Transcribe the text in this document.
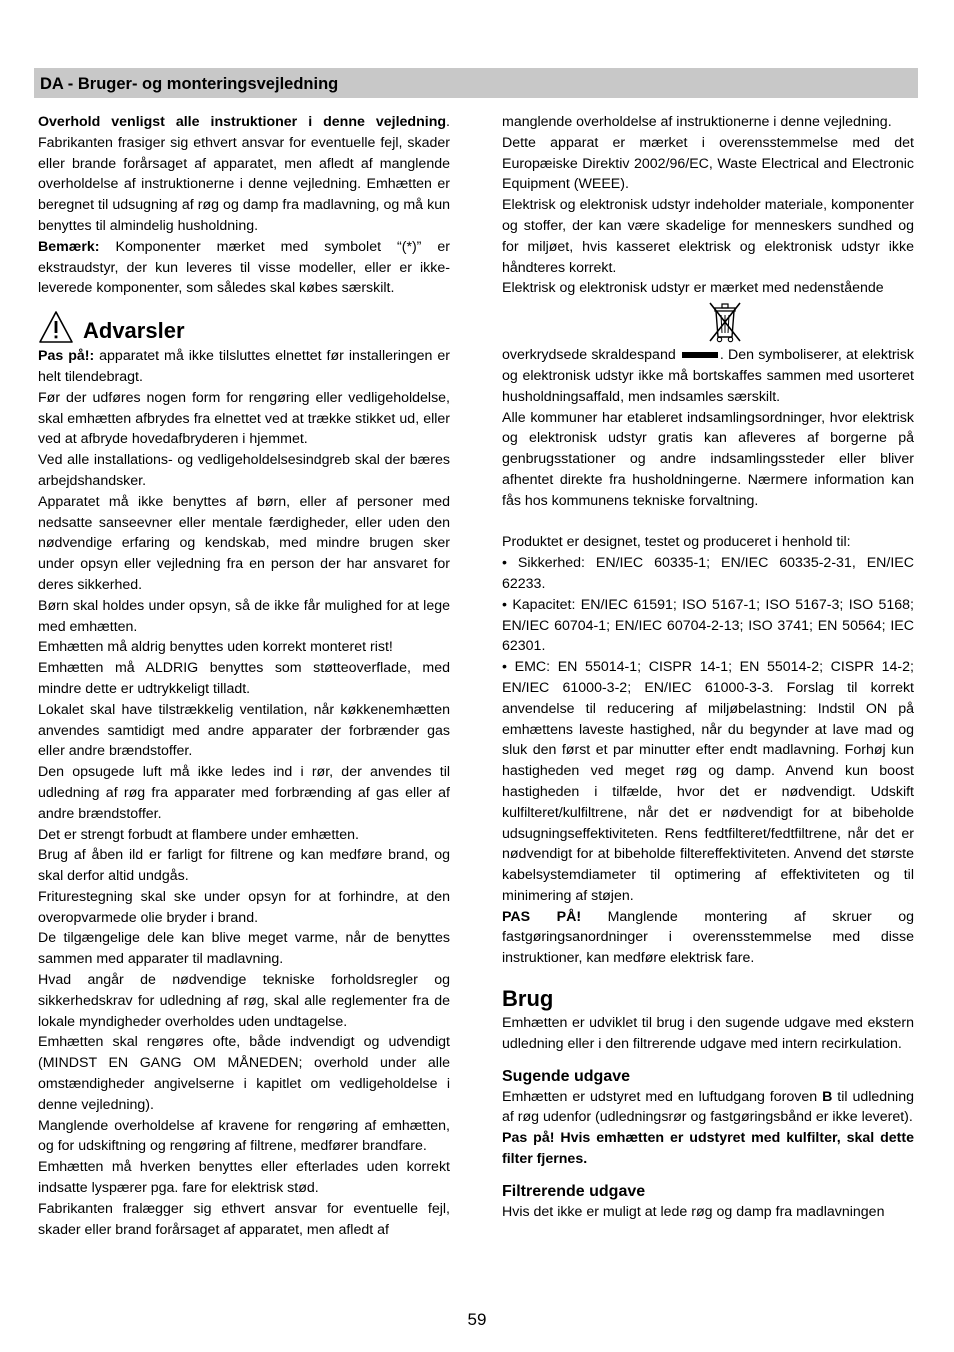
DA - Bruger- og monteringsvejledning

Overhold venligst alle instruktioner i denne vejledning. Fabrikanten frasiger sig ethvert ansvar for eventuelle fejl, skader eller brande forårsaget af apparatet, men afledt af manglende overholdelse af instruktionerne i denne vejledning. Emhætten er beregnet til udsugning af røg og damp fra madlavning, og må kun benyttes til almindelig husholdning.

Bemærk: Komponenter mærket med symbolet “(*)” er ekstraudstyr, der kun leveres til visse modeller, eller er ikke-leverede komponenter, som således skal købes særskilt.

Advarsler

Pas på!: apparatet må ikke tilsluttes elnettet før installeringen er helt tilendebragt.

Før der udføres nogen form for rengøring eller vedligeholdelse, skal emhætten afbrydes fra elnettet ved at trække stikket ud, eller ved at afbryde hovedafbryderen i hjemmet.

Ved alle installations- og vedligeholdelsesindgreb skal der bæres arbejdshandsker.

Apparatet må ikke benyttes af børn, eller af personer med nedsatte sanseevner eller mentale færdigheder, eller uden den nødvendige erfaring og kendskab, med mindre brugen sker under opsyn eller vejledning fra en person der har ansvaret for deres sikkerhed.

Børn skal holdes under opsyn, så de ikke får mulighed for at lege med emhætten.

Emhætten må aldrig benyttes uden korrekt monteret rist!

Emhætten må ALDRIG benyttes som støtteoverflade, med mindre dette er udtrykkeligt tilladt.

Lokalet skal have tilstrækkelig ventilation, når køkkenemhætten anvendes samtidigt med andre apparater der forbrænder gas eller andre brændstoffer.

Den opsugede luft må ikke ledes ind i rør, der anvendes til udledning af røg fra apparater med forbrænding af gas eller af andre brændstoffer.

Det er strengt forbudt at flambere under emhætten.

Brug af åben ild er farligt for filtrene og kan medføre brand, og skal derfor altid undgås.

Friturestegning skal ske under opsyn for at forhindre, at den overopvarmede olie bryder i brand.

De tilgængelige dele kan blive meget varme, når de benyttes sammen med apparater til madlavning.

Hvad angår de nødvendige tekniske forholdsregler og sikkerhedskrav for udledning af røg, skal alle reglementer fra de lokale myndigheder overholdes uden undtagelse.

Emhætten skal rengøres ofte, både indvendigt og udvendigt (MINDST EN GANG OM MÅNEDEN; overhold under alle omstændigheder angivelserne i kapitlet om vedligeholdelse i denne vejledning).

Manglende overholdelse af kravene for rengøring af emhætten, og for udskiftning og rengøring af filtrene, medfører brandfare.

Emhætten må hverken benyttes eller efterlades uden korrekt indsatte lyspærer pga. fare for elektrisk stød.

Fabrikanten fralægger sig ethvert ansvar for eventuelle fejl, skader eller brand forårsaget af apparatet, men afledt af

manglende overholdelse af instruktionerne i denne vejledning.

Dette apparat er mærket i overensstemmelse med det Europæiske Direktiv 2002/96/EC, Waste Electrical and Electronic Equipment (WEEE).

Elektrisk og elektronisk udstyr indeholder materiale, komponenter og stoffer, der kan være skadelige for menneskers sundhed og for miljøet, hvis kasseret elektrisk og elektronisk udstyr ikke håndteres korrekt.

Elektrisk og elektronisk udstyr er mærket med nedenstående

overkrydsede skraldespand	. Den symboliserer, at elektrisk og elektronisk udstyr ikke må bortskaffes sammen med usorteret husholdningsaffald, men indsamles særskilt.

Alle kommuner har etableret indsamlingsordninger, hvor elektrisk og elektronisk udstyr gratis kan afleveres af borgerne på genbrugsstationer og andre indsamlingssteder eller bliver afhentet direkte fra husholdningerne. Nærmere information kan fås hos kommunens tekniske forvaltning.

Produktet er designet, testet og produceret i henhold til:

• Sikkerhed: EN/IEC 60335-1; EN/IEC 60335-2-31, EN/IEC 62233.

• Kapacitet: EN/IEC 61591; ISO 5167-1; ISO 5167-3; ISO 5168; EN/IEC 60704-1; EN/IEC 60704-2-13; ISO 3741; EN 50564; IEC 62301.

• EMC: EN 55014-1; CISPR 14-1; EN 55014-2; CISPR 14-2; EN/IEC 61000-3-2; EN/IEC 61000-3-3. Forslag til korrekt anvendelse til reducering af miljøbelastning: Indstil ON på emhættens laveste hastighed, når du begynder at lave mad og sluk den først et par minutter efter endt madlavning. Forhøj kun hastigheden ved meget røg og damp. Anvend kun boost hastigheden i tilfælde, hvor det er nødvendigt. Udskift kulfilteret/kulfiltrene, når det er nødvendigt for at bibeholde udsugningseffektiviteten. Rens fedtfilteret/fedtfiltrene, når det er nødvendigt for at bibeholde filtereffektiviteten. Anvend det største kabelsystemdiameter til optimering af effektiviteten og til minimering af støjen.

PAS PÅ! Manglende montering af skruer og fastgøringsanordninger i overensstemmelse med disse instruktioner, kan medføre elektrisk fare.

Brug

Emhætten er udviklet til brug i den sugende udgave med ekstern udledning eller i den filtrerende udgave med intern recirkulation.

Sugende udgave

Emhætten er udstyret med en luftudgang foroven B til udledning af røg udenfor (udledningsrør og fastgøringsbånd er ikke leveret).

Pas på! Hvis emhætten er udstyret med kulfilter, skal dette filter fjernes.

Filtrerende udgave

Hvis det ikke er muligt at lede røg og damp fra madlavningen

59
